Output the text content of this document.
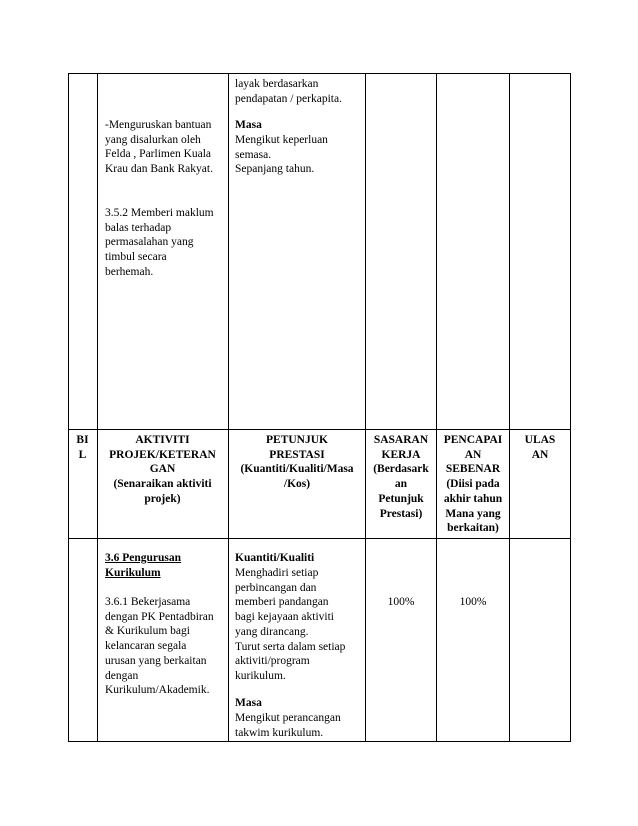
-Menguruskan bantuan
yang disalurkan oleh
Felda , Parlimen Kuala
Krau dan Bank Rakyat.
3.5.2 Memberi maklum
balas terhadap
permasalahan yang
timbul secara
berhemah.
layak berdasarkan
pendapatan / perkapita.
Masa
Mengikut keperluan
semasa.
Sepanjang tahun.
BI
L
AKTIVITI
PROJEK/KETERAN
GAN
(Senaraikan aktiviti
projek)
PETUNJUK
PRESTASI
(Kuantiti/Kualiti/Masa
/Kos)
SASARAN
KERJA
(Berdasark
an
Petunjuk
Prestasi)
PENCAPAI
AN
SEBENAR
(Diisi pada
akhir tahun
Mana yang
berkaitan)
ULAS
AN
3.6 Pengurusan
Kurikulum
3.6.1 Bekerjasama
dengan PK Pentadbiran
& Kurikulum bagi
kelancaran segala
urusan yang berkaitan
dengan
Kurikulum/Akademik.
Kuantiti/Kualiti
Menghadiri setiap
perbincangan dan
memberi pandangan
bagi kejayaan aktiviti
yang dirancang.
Turut serta dalam setiap
aktiviti/program
kurikulum.
Masa
Mengikut perancangan
takwim kurikulum.
100%	100%
